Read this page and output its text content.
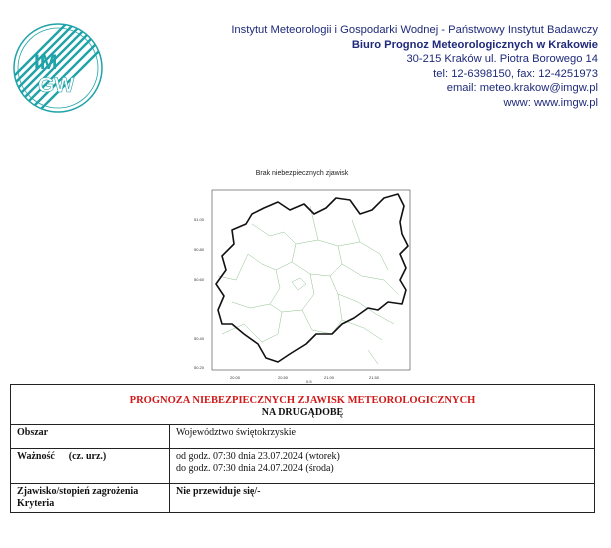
IM
GW
Instytut Meteorologii i Gospodarki Wodnej - Państwowy Instytut Badawczy
Biuro Prognoz Meteorologicznych w Krakowie
30-215 Kraków ul. Piotra Borowego 14
tel: 12-6398150, fax: 12-4251973
email: meteo.krakow@imgw.pl
www: www.imgw.pl
Brak niebezpiecznych zjawisk
51.00
50.80
50.60
50.40
50.20
20.00	20.50	21.00	21.50
0.5
PROGNOZA NIEBEZPIECZNYCH ZJAWISK METEOROLOGICZNYCH
NA DRUGĄDOBĘ	

Obszar	Województwo świętokrzyskie
Ważność (cz. urz.)	od godz. 07:30 dnia 23.07.2024 (wtorek)
do godz. 07:30 dnia 24.07.2024 (środa)

Zjawisko/stopień zagrożenia
Kryteria	Nie przewiduje się/-
